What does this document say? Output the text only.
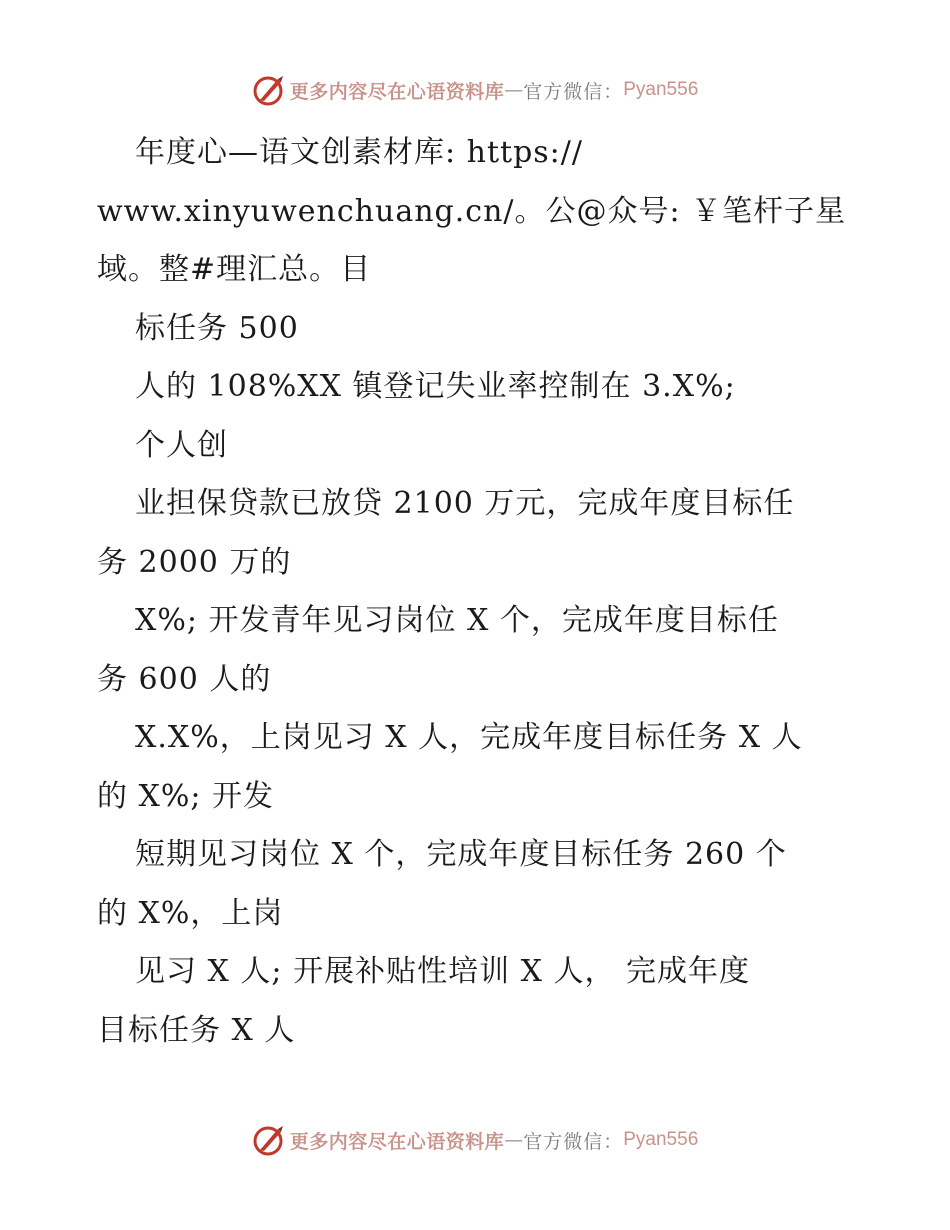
更多内容尽在心语资料库 — 官方微信： Pyan556
年度心—语文创素材库: https://
www.xinyuwenchuang.cn/。公@众号: ￥笔杆子星
域。整#理汇总。目
标任务 500
人的 108%XX 镇登记失业率控制在 3.X%;
个人创
业担保贷款已放贷 2100 万元，完成年度目标任
务 2000 万的
X%; 开发青年见习岗位 X 个，完成年度目标任
务 600 人的
X.X%，上岗见习 X 人，完成年度目标任务 X 人
的 X%; 开发
短期见习岗位 X 个，完成年度目标任务 260 个
的 X%，上岗
见习 X 人; 开展补贴性培训 X 人， 完成年度
目标任务 X 人
更多内容尽在心语资料库 — 官方微信： Pyan556
